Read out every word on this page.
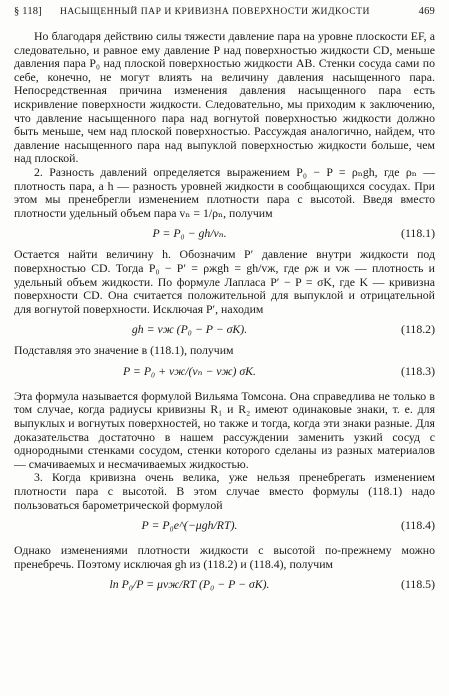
§ 118] НАСЫЩЕННЫЙ ПАР И КРИВИЗНА ПОВЕРХНОСТИ ЖИДКОСТИ	469

Но благодаря действию силы тяжести давление пара на уровне плоскости EF, а следовательно, и равное ему давление P над поверхностью жидкости CD, меньше давления пара P₀ над плоской поверхностью жидкости AB. Стенки сосуда сами по себе, конечно, не могут влиять на величину давления насыщенного пара. Непосредственная причина изменения давления насыщенного пара есть искривление поверхности жидкости. Следовательно, мы приходим к заключению, что давление насыщенного пара над вогнутой поверхностью жидкости должно быть меньше, чем над плоской поверхностью. Рассуждая аналогично, найдем, что давление насыщенного пара над выпуклой поверхностью жидкости больше, чем над плоской.

2. Разность давлений определяется выражением P₀ − P = ρₙgh, где ρₙ — плотность пара, а h — разность уровней жидкости в сообщающихся сосудах. При этом мы пренебрегли изменением плотности пара с высотой. Введя вместо плотности удельный объем пара vₙ = 1/ρₙ, получим

P = P₀ − gh/vₙ.	(118.1)

Остается найти величину h. Обозначим P′ давление внутри жидкости под поверхностью CD. Тогда P₀ − P′ = ρжgh = gh/vж, где ρж и vж — плотность и удельный объем жидкости. По формуле Лапласа P′ − P = σK, где K — кривизна поверхности CD. Она считается положительной для выпуклой и отрицательной для вогнутой поверхности. Исключая P′, находим

gh = vж (P₀ − P − σK).	(118.2)

Подставляя это значение в (118.1), получим

P = P₀ + vж/(vₙ − vж) σK.	(118.3)

Эта формула называется формулой Вильяма Томсона. Она справедлива не только в том случае, когда радиусы кривизны R₁ и R₂ имеют одинаковые знаки, т. е. для выпуклых и вогнутых поверхностей, но также и тогда, когда эти знаки разные. Для доказательства достаточно в нашем рассуждении заменить узкий сосуд с однородными стенками сосудом, стенки которого сделаны из разных материалов — смачиваемых и несмачиваемых жидкостью.

3. Когда кривизна очень велика, уже нельзя пренебрегать изменением плотности пара с высотой. В этом случае вместо формулы (118.1) надо пользоваться барометрической формулой

P = P₀e^(−μgh/RT).	(118.4)

Однако изменениями плотности жидкости с высотой по-прежнему можно пренебречь. Поэтому исключая gh из (118.2) и (118.4), получим

ln P₀/P = μvж/RT (P₀ − P − σK).	(118.5)
